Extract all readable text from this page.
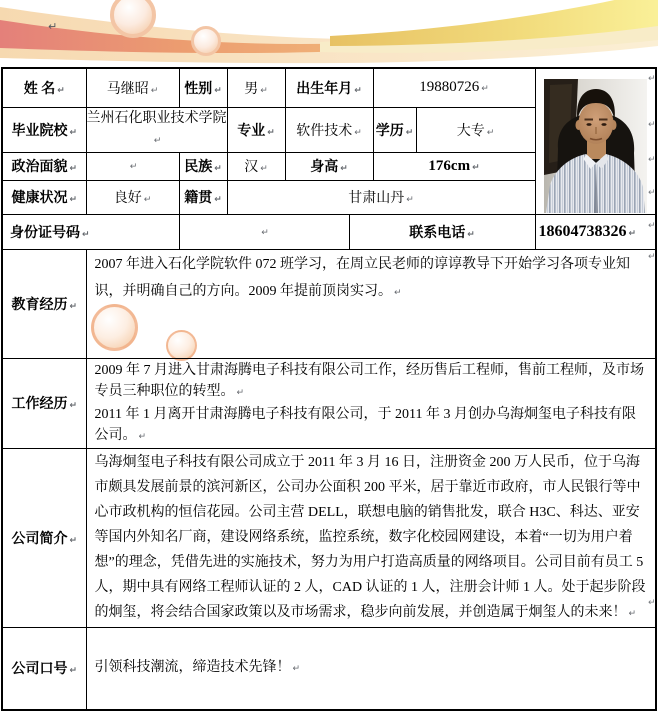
↵
↵
↵
↵
↵
↵
↵
↵
姓 名 ↵	马继昭 ↵	性别 ↵	男 ↵	出生年月 ↵		19880726 ↵	

毕业院校 ↵	兰州石化职业技术学院↵		专业 ↵	软件技术 ↵		学历 ↵	大专 ↵	
政治面貌 ↵	↵	民族 ↵	汉 ↵	身高 ↵		176cm ↵		
健康状况 ↵	良好 ↵	籍贯 ↵	甘肃山丹 ↵					
身份证号码 ↵		↵			联系电话 ↵			18604738326 ↵
教育经历 ↵	2007 年进入石化学院软件 072 班学习，在周立民老师的谆谆教导下开始学习各项专业知识，并明确自己的方向。2009 年提前顶岗实习。 ↵							
工作经历 ↵	2009 年 7 月进入甘肃海腾电子科技有限公司工作，经历售后工程师，售前工程师，及市场专员三种职位的转型。 ↵

2011 年 1 月离开甘肃海腾电子科技有限公司，于 2011 年 3 月创办乌海炯玺电子科技有限公司。 ↵							

公司简介 ↵	乌海炯玺电子科技有限公司成立于 2011 年 3 月 16 日，注册资金 200 万人民币，位于乌海市颇具发展前景的滨河新区，公司办公面积 200 平米，居于靠近市政府，市人民银行等中心市政机构的恒信花园。公司主营 DELL，联想电脑的销售批发，联合 H3C、科达、亚安等国内外知名厂商，建设网络系统，监控系统，数字化校园网建设，本着“一切为用户着想”的理念，凭借先进的实施技术，努力为用户打造高质量的网络项目。公司目前有员工 5 人，期中具有网络工程师认证的 2 人，CAD 认证的 1 人，注册会计师 1 人。处于起步阶段的炯玺，将会结合国家政策以及市场需求，稳步向前发展，并创造属于炯玺人的未来！ ↵							
公司口号 ↵	引领科技潮流，缔造技术先锋！ ↵							
